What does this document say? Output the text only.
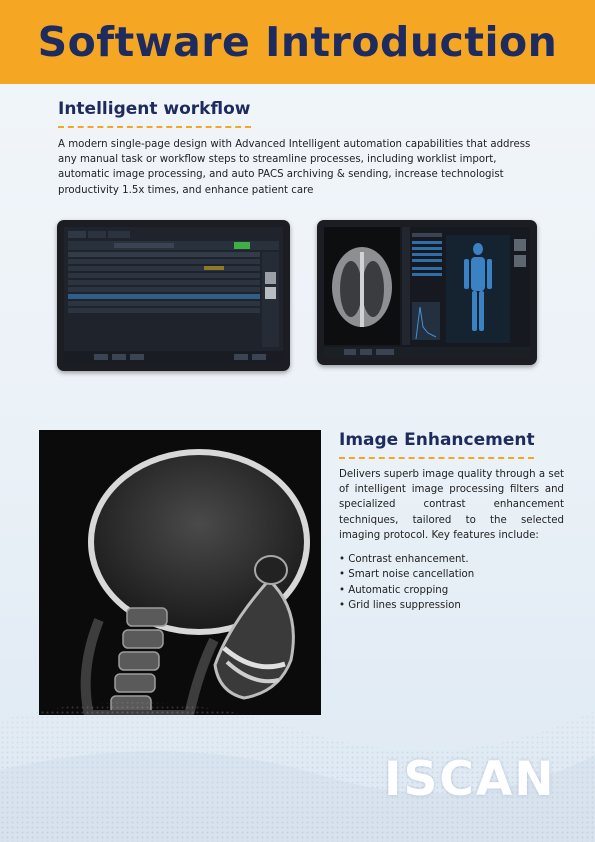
Software Introduction
Intelligent workflow
A modern single-page design with Advanced Intelligent automation capabilities that address any manual task or workflow steps to streamline processes, including worklist import, automatic image processing, and auto PACS archiving & sending, increase technologist productivity 1.5x times, and enhance patient care
Image Enhancement
Delivers superb image quality through a set of intelligent image processing filters and specialized contrast enhancement techniques, tailored to the selected imaging protocol. Key features include:
• Contrast enhancement.
• Smart noise cancellation
• Automatic cropping
• Grid lines suppression
ISCAN
